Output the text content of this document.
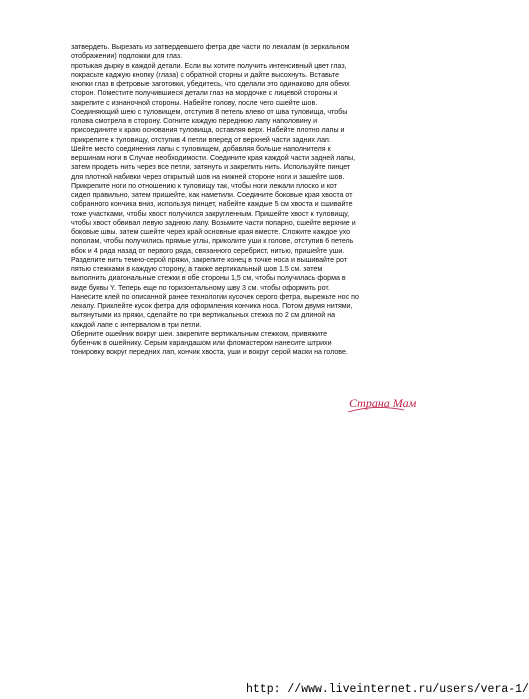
❧

затвердеть. Вырезать из затвердевшего фетра две части по лекалам (в зеркальном
отображении) подложки для глаз.

протыкая дырку в каждой детали. Если вы хотите получить интенсивный цвет глаз,
покрасьте каджую кнопку (глаза) с обратной сторны и дайте высохнуть. Вставьте
кнопки глаз в фетровые заготовки, убедитесь, что сделали это одинаково для обеих
сторон. Поместите получившиеся детали глаз на мордочке с лицевой стороны и
закрепите с изнаночной стороны. Набейте голову, после чего сшейте шов.

Соединяющий шею с туловищем, отступив 8 петель влево от шва туловища, чтобы
голова смотрела в сторону. Согните каждую переднюю лапу наполовину и
присоедините к краю основания туловища, оставляя верх. Набейте плотно лапы и
прикрепите к туловищу, отступив 4 петли вперед от верхней части задних лап.

Шейте место соединения лапы с туловищем, добавляя больше наполнителя к
вершинам ноги в Случае необходимости. Соедините края каждой части задней лапы,
затем продеть нить через все петли, затянуть и закрепить нить. Используйте пинцет
для плотной набивки через открытый шов на нижней стороне ноги и зашейте шов.

Прикрепите ноги по отношению к туловищу так, чтобы ноги лежали плоско и кот
сидел правильно, затем пришейте, как наметили. Соедините боковые края хвоста от
собранного кончика вниз, используя пинцет, набейте каждые 5 см хвоста и сшивайте
тоже участками, чтобы хвост получился закругленным. Пришейте хвост к туловищу,
чтобы хвост обвивал левую заднюю лапу. Возьмите части попарно, сшейте верхние и
боковые швы. затем сшейте через край основные края вместе. Сложите каждое ухо
пополам, чтобы получились прямые углы, приколите уши к голове, отступив 6 петель
вбок и 4 ряда назад от первого ряда, связанного серебрист, нитью, пришейте уши.

Разделите нить темно-серой пряжи, закрепите конец в точке носа и вышивайте рот
пятью стежками в каждую сторону, а также вертикальный шов 1.5 см. затем
выполнить диагональные стежки в обе стороны 1,5 см, чтобы получилась форма в
виде буквы Y. Теперь еще по горизонтальному шву 3 см. чтобы оформить рот.

Нанесите клей по описанной ранее технологии кусочек серого фетра, вырежьте нос по
лекалу. Приклейте кусок фетра для оформления кончика носа. Потом двумя нитями,
вытянутыми из пряжи, сделайте по три вертикальных стежка по 2 см длиной на
каждой лапе с интервалом в три петли.

Оберните ошейник вокруг шеи. закрепите вертикальным стежком, привяжите
бубенчик в ошейнику. Серым карандашом или фломастером нанесите штрихи
тонировку вокруг передних лап, кончик хвоста, уши и вокруг серой маски на голове.

Страна Мам
http: //www.liveinternet.ru/users/vera-1/
